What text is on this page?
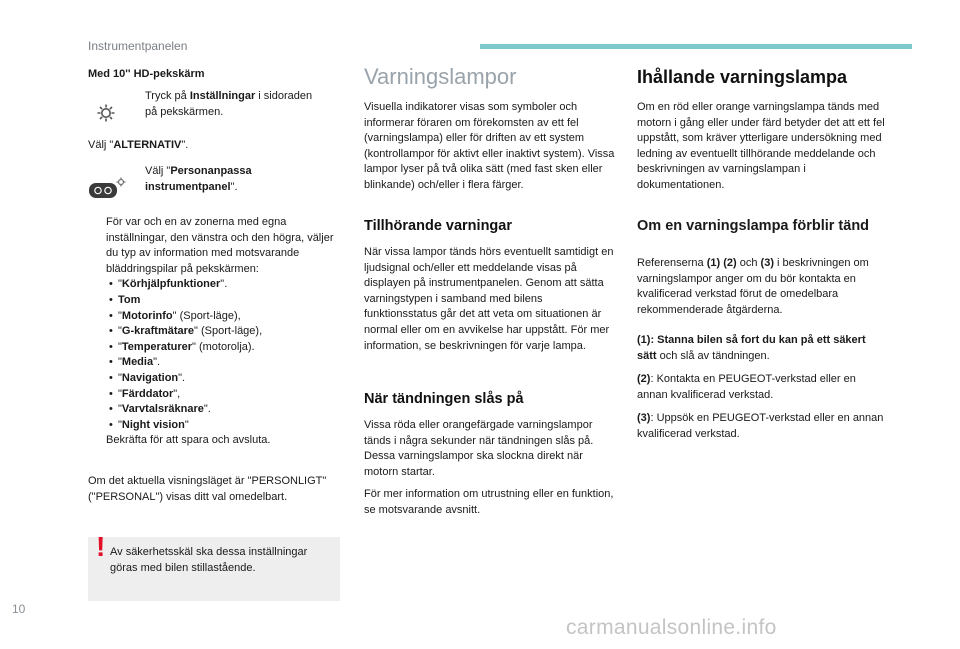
Instrumentpanelen
Med 10'' HD-pekskärm

Tryck på Inställningar i sidoraden på pekskärmen.

Välj "ALTERNATIV".

Välj "Personanpassa instrumentpanel".

För var och en av zonerna med egna inställningar, den vänstra och den högra, väljer du typ av information med motsvarande bläddringspilar på pekskärmen:

• "Körhjälpfunktioner".
• Tom
• "Motorinfo" (Sport-läge),
• "G-kraftmätare" (Sport-läge),
• "Temperaturer" (motorolja).
• "Media".
• "Navigation".
• "Färddator",
• "Varvtalsräknare".
• "Night vision"

Bekräfta för att spara och avsluta.

Om det aktuella visningsläget är "PERSONLIGT" ("PERSONAL") visas ditt val omedelbart.
! Av säkerhetsskäl ska dessa inställningar göras med bilen stillastående.
Varningslampor
Visuella indikatorer visas som symboler och informerar föraren om förekomsten av ett fel (varningslampa) eller för driften av ett system (kontrollampor för aktivt eller inaktivt system). Vissa lampor lyser på två olika sätt (med fast sken eller blinkande) och/eller i flera färger.
Tillhörande varningar
När vissa lampor tänds hörs eventuellt samtidigt en ljudsignal och/eller ett meddelande visas på displayen på instrumentpanelen. Genom att sätta varningstypen i samband med bilens funktionsstatus går det att veta om situationen är normal eller om en avvikelse har uppstått. För mer information, se beskrivningen för varje lampa.
När tändningen slås på
Vissa röda eller orangefärgade varningslampor tänds i några sekunder när tändningen slås på. Dessa varningslampor ska slockna direkt när motorn startar.
För mer information om utrustning eller en funktion, se motsvarande avsnitt.
Ihållande varningslampa
Om en röd eller orange varningslampa tänds med motorn i gång eller under färd betyder det att ett fel uppstått, som kräver ytterligare undersökning med ledning av eventuellt tillhörande meddelande och beskrivningen av varningslampan i dokumentationen.
Om en varningslampa förblir tänd
Referenserna (1) (2) och (3) i beskrivningen om varningslampor anger om du bör kontakta en kvalificerad verkstad förut de omedelbara rekommenderade åtgärderna.
(1): Stanna bilen så fort du kan på ett säkert sätt och slå av tändningen.
(2): Kontakta en PEUGEOT-verkstad eller en annan kvalificerad verkstad.
(3): Uppsök en PEUGEOT-verkstad eller en annan kvalificerad verkstad.
10
carmanualsonline.info
